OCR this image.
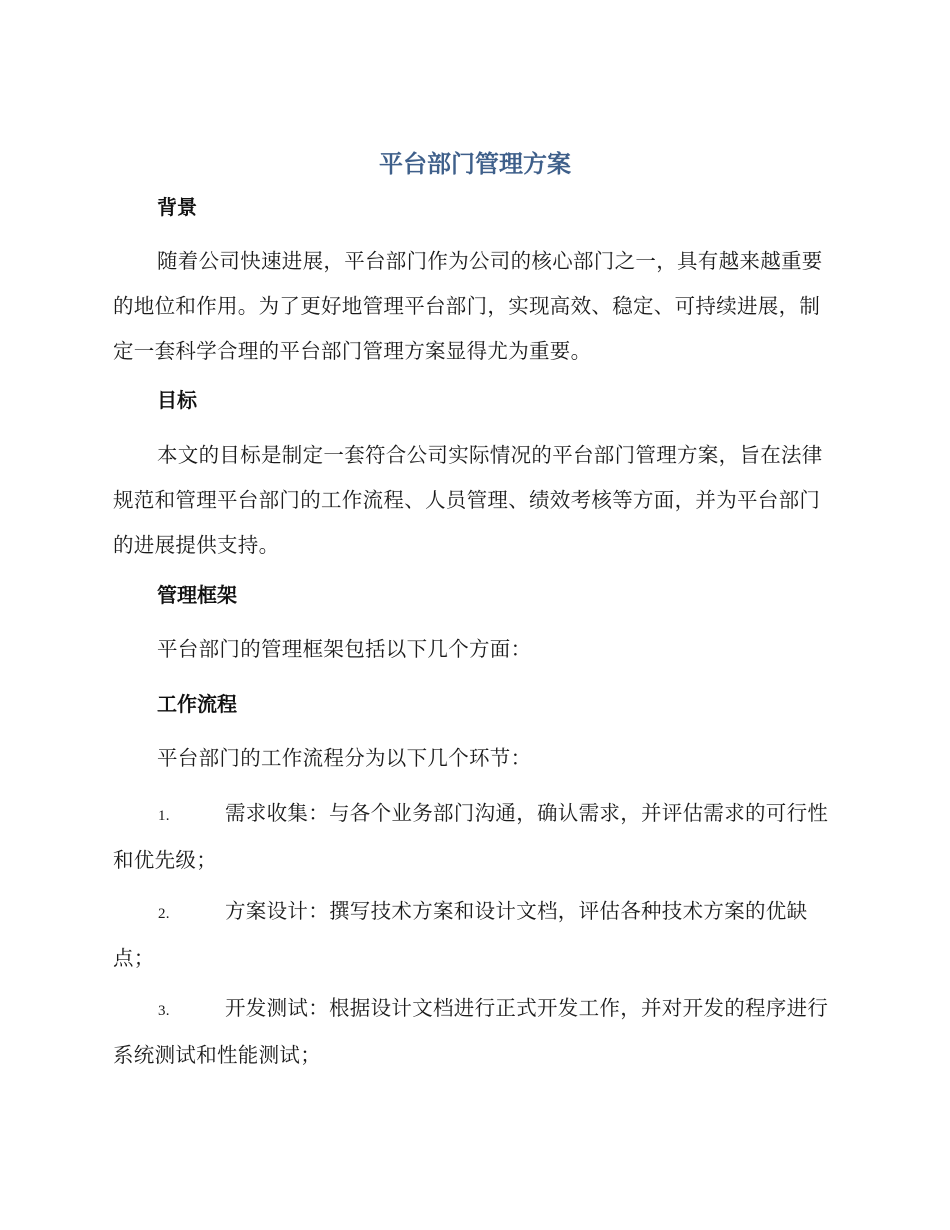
平台部门管理方案
背景
随着公司快速进展，平台部门作为公司的核心部门之一，具有越来越重要的地位和作用。为了更好地管理平台部门，实现高效、稳定、可持续进展，制定一套科学合理的平台部门管理方案显得尤为重要。
目标
本文的目标是制定一套符合公司实际情况的平台部门管理方案，旨在法律规范和管理平台部门的工作流程、人员管理、绩效考核等方面，并为平台部门的进展提供支持。
管理框架
平台部门的管理框架包括以下几个方面：
工作流程
平台部门的工作流程分为以下几个环节：
1.	需求收集：与各个业务部门沟通，确认需求，并评估需求的可行性和优先级；
2.	方案设计：撰写技术方案和设计文档，评估各种技术方案的优缺点；
3.	开发测试：根据设计文档进行正式开发工作，并对开发的程序进行系统测试和性能测试；
